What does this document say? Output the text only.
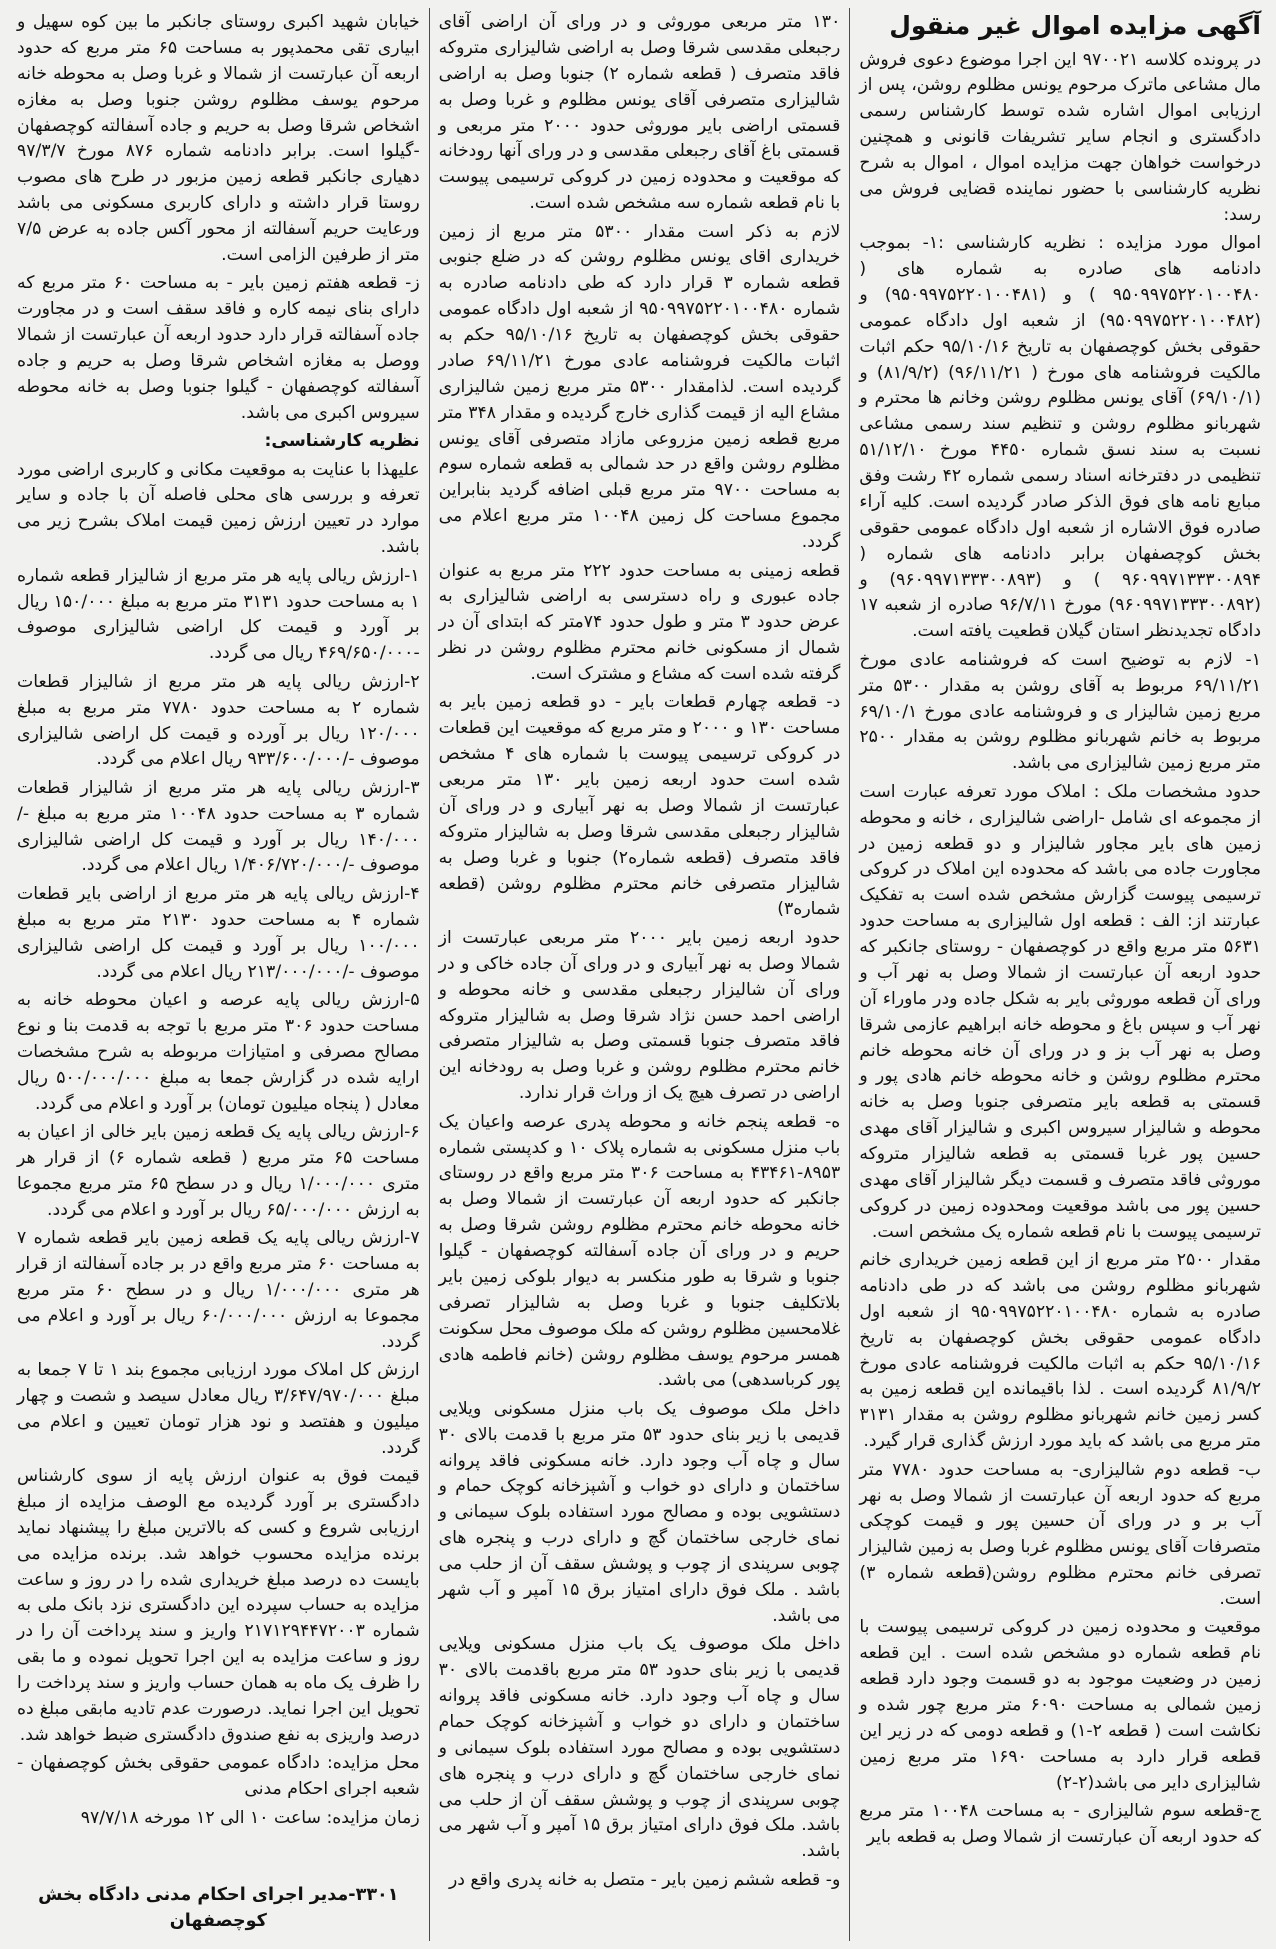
آگهی مزایده اموال غیر منقول

در پرونده کلاسه ۹۷۰۰۲۱ این اجرا موضوع دعوی فروش مال مشاعی ماترک مرحوم یونس مظلوم روشن، پس از ارزیابی اموال اشاره شده توسط کارشناس رسمی دادگستری و انجام سایر تشریفات قانونی و همچنین درخواست خواهان جهت مزایده اموال ، اموال به شرح نظریه کارشناسی با حضور نماینده قضایی فروش می رسد:

اموال مورد مزایده : نظریه کارشناسی :۱- بموجب دادنامه های صادره به شماره های ( ۹۵۰۹۹۷۵۲۲۰۱۰۰۴۸۰ ) و (۹۵۰۹۹۷۵۲۲۰۱۰۰۴۸۱) و (۹۵۰۹۹۷۵۲۲۰۱۰۰۴۸۲) از شعبه اول دادگاه عمومی حقوقی بخش کوچصفهان به تاریخ ۹۵/۱۰/۱۶ حکم اثبات مالکیت فروشنامه های مورخ ( ۹۶/۱۱/۲۱) (۸۱/۹/۲) و (۶۹/۱۰/۱) آقای یونس مظلوم روشن وخانم ها محترم و شهربانو مظلوم روشن و تنظیم سند رسمی مشاعی نسبت به سند نسق شماره ۴۴۵۰ مورخ ۵۱/۱۲/۱۰ تنظیمی در دفترخانه اسناد رسمی شماره ۴۲ رشت وفق مبایع نامه های فوق الذکر صادر گردیده است. کلیه آراء صادره فوق الاشاره از شعبه اول دادگاه عمومی حقوقی بخش کوچصفهان برابر دادنامه های شماره ( ۹۶۰۹۹۷۱۳۳۳۰۰۸۹۴ ) و (۹۶۰۹۹۷۱۳۳۳۰۰۸۹۳) و (۹۶۰۹۹۷۱۳۳۳۰۰۸۹۲) مورخ ۹۶/۷/۱۱ صادره از شعبه ۱۷ دادگاه تجدیدنظر استان گیلان قطعیت یافته است.

۱- لازم به توضیح است که فروشنامه عادی مورخ ۶۹/۱۱/۲۱ مربوط به آقای روشن به مقدار ۵۳۰۰ متر مربع زمین شالیزار ی و فروشنامه عادی مورخ ۶۹/۱۰/۱ مربوط به خانم شهربانو مظلوم روشن به مقدار ۲۵۰۰ متر مربع زمین شالیزاری می باشد.

حدود مشخصات ملک : املاک مورد تعرفه عبارت است از مجموعه ای شامل -اراضی شالیزاری ، خانه و محوطه زمین های بایر مجاور شالیزار و دو قطعه زمین در مجاورت جاده می باشد که محدوده این املاک در کروکی ترسیمی پیوست گزارش مشخص شده است به تفکیک عبارتند از: الف : قطعه اول شالیزاری به مساحت حدود ۵۶۳۱ متر مربع واقع در کوچصفهان - روستای جانکبر که حدود اربعه آن عبارتست از شمالا وصل به نهر آب و ورای آن قطعه موروثی بایر به شکل جاده ودر ماوراء آن نهر آب و سپس باغ و محوطه خانه ابراهیم عازمی شرقا وصل به نهر آب بز و در ورای آن خانه محوطه خانم محترم مظلوم روشن و خانه محوطه خانم هادی پور و قسمتی به قطعه بایر متصرفی جنوبا وصل به خانه محوطه و شالیزار سیروس اکبری و شالیزار آقای مهدی حسین پور غربا قسمتی به قطعه شالیزار متروکه موروثی فاقد متصرف و قسمت دیگر شالیزار آقای مهدی حسین پور می باشد موقعیت ومحدوده زمین در کروکی ترسیمی پیوست با نام قطعه شماره یک مشخص است.

مقدار ۲۵۰۰ متر مربع از این قطعه زمین خریداری خانم شهربانو مظلوم روشن می باشد که در طی دادنامه صادره به شماره ۹۵۰۹۹۷۵۲۲۰۱۰۰۴۸۰ از شعبه اول دادگاه عمومی حقوقی بخش کوچصفهان به تاریخ ۹۵/۱۰/۱۶ حکم به اثبات مالکیت فروشنامه عادی مورخ ۸۱/۹/۲ گردیده است . لذا باقیمانده این قطعه زمین به کسر زمین خانم شهربانو مظلوم روشن به مقدار ۳۱۳۱ متر مربع می باشد که باید مورد ارزش گذاری قرار گیرد.

ب- قطعه دوم شالیزاری- به مساحت حدود ۷۷۸۰ متر مربع که حدود اربعه آن عبارتست از شمالا وصل به نهر آب بر و در ورای آن حسین پور و قیمت کوچکی متصرفات آقای یونس مظلوم غربا وصل به زمین شالیزار تصرفی خانم محترم مظلوم روشن(قطعه شماره ۳) است.

موقعیت و محدوده زمین در کروکی ترسیمی پیوست با نام قطعه شماره دو مشخص شده است . این قطعه زمین در وضعیت موجود به دو قسمت وجود دارد قطعه زمین شمالی به مساحت ۶۰۹۰ متر مربع چور شده و نکاشت است ( قطعه ۲-۱) و قطعه دومی که در زیر این قطعه قرار دارد به مساحت ۱۶۹۰ متر مربع زمین شالیزاری دایر می باشد(۲-۲)

ج-قطعه سوم شالیزاری - به مساحت ۱۰۰۴۸ متر مربع که حدود اربعه آن عبارتست از شمالا وصل به قطعه بایر

۱۳۰ متر مربعی موروثی و در ورای آن اراضی آقای رجبعلی مقدسی شرقا وصل به اراضی شالیزاری متروکه فاقد متصرف ( قطعه شماره ۲) جنوبا وصل به اراضی شالیزاری متصرفی آقای یونس مظلوم و غربا وصل به قسمتی اراضی بایر موروثی حدود ۲۰۰۰ متر مربعی و قسمتی باغ آقای رجبعلی مقدسی و در ورای آنها رودخانه که موقعیت و محدوده زمین در کروکی ترسیمی پیوست با نام قطعه شماره سه مشخص شده است.

لازم به ذکر است مقدار ۵۳۰۰ متر مربع از زمین خریداری اقای یونس مظلوم روشن که در ضلع جنوبی قطعه شماره ۳ قرار دارد که طی دادنامه صادره به شماره ۹۵۰۹۹۷۵۲۲۰۱۰۰۴۸۰ از شعبه اول دادگاه عمومی حقوقی بخش کوچصفهان به تاریخ ۹۵/۱۰/۱۶ حکم به اثبات مالکیت فروشنامه عادی مورخ ۶۹/۱۱/۲۱ صادر گردیده است. لذامقدار ۵۳۰۰ متر مربع زمین شالیزاری مشاع الیه از قیمت گذاری خارج گردیده و مقدار ۳۴۸ متر مربع قطعه زمین مزروعی مازاد متصرفی آقای یونس مظلوم روشن واقع در حد شمالی به قطعه شماره سوم به مساحت ۹۷۰۰ متر مربع قبلی اضافه گردید بنابراین مجموع مساحت کل زمین ۱۰۰۴۸ متر مربع اعلام می گردد.

قطعه زمینی به مساحت حدود ۲۲۲ متر مربع به عنوان جاده عبوری و راه دسترسی به اراضی شالیزاری به عرض حدود ۳ متر و طول حدود ۷۴متر که ابتدای آن در شمال از مسکونی خانم محترم مظلوم روشن در نظر گرفته شده است که مشاع و مشترک است.

د- قطعه چهارم قطعات بایر - دو قطعه زمین بایر به مساحت ۱۳۰ و ۲۰۰۰ و متر مربع که موقعیت این قطعات در کروکی ترسیمی پیوست با شماره های ۴ مشخص شده است حدود اربعه زمین بایر ۱۳۰ متر مربعی عبارتست از شمالا وصل به نهر آبیاری و در ورای آن شالیزار رجبعلی مقدسی شرقا وصل به شالیزار متروکه فاقد متصرف (قطعه شماره۲) جنوبا و غربا وصل به شالیزار متصرفی خانم محترم مظلوم روشن (قطعه شماره۳)

حدود اربعه زمین بایر ۲۰۰۰ متر مربعی عبارتست از شمالا وصل به نهر آبیاری و در ورای آن جاده خاکی و در ورای آن شالیزار رجبعلی مقدسی و خانه محوطه و اراضی احمد حسن نژاد شرقا وصل به شالیزار متروکه فاقد متصرف جنوبا قسمتی وصل به شالیزار متصرفی خانم محترم مظلوم روشن و غربا وصل به رودخانه این اراضی در تصرف هیچ یک از وراث قرار ندارد.

ه- قطعه پنجم خانه و محوطه پدری عرصه واعیان یک باب منزل مسکونی به شماره پلاک ۱۰ و کدپستی شماره ۸۹۵۳-۴۳۴۶۱ به مساحت ۳۰۶ متر مربع واقع در روستای جانکبر که حدود اربعه آن عبارتست از شمالا وصل به خانه محوطه خانم محترم مظلوم روشن شرقا وصل به حریم و در ورای آن جاده آسفالته کوچصفهان - گیلوا جنوبا و شرقا به طور منکسر به دیوار بلوکی زمین بایر بلاتکلیف جنوبا و غربا وصل به شالیزار تصرفی غلامحسین مظلوم روشن که ملک موصوف محل سکونت همسر مرحوم یوسف مظلوم روشن (خانم فاطمه هادی پور کرباسدهی) می باشد.

داخل ملک موصوف یک باب منزل مسکونی ویلایی قدیمی با زیر بنای حدود ۵۳ متر مربع با قدمت بالای ۳۰ سال و چاه آب وجود دارد. خانه مسکونی فاقد پروانه ساختمان و دارای دو خواب و آشپزخانه کوچک حمام و دستشویی بوده و مصالح مورد استفاده بلوک سیمانی و نمای خارجی ساختمان گچ و دارای درب و پنجره های چوبی سرپندی از چوب و پوشش سقف آن از حلب می باشد . ملک فوق دارای امتیاز برق ۱۵ آمپر و آب شهر می باشد.

داخل ملک موصوف یک باب منزل مسکونی ویلایی قدیمی با زیر بنای حدود ۵۳ متر مربع باقدمت بالای ۳۰ سال و چاه آب وجود دارد. خانه مسکونی فاقد پروانه ساختمان و دارای دو خواب و آشپزخانه کوچک حمام دستشویی بوده و مصالح مورد استفاده بلوک سیمانی و نمای خارجی ساختمان گچ و دارای درب و پنجره های چوبی سرپندی از چوب و پوشش سقف آن از حلب می باشد. ملک فوق دارای امتیاز برق ۱۵ آمپر و آب شهر می باشد.

و- قطعه ششم زمین بایر - متصل به خانه پدری واقع در

خیابان شهید اکبری روستای جانکبر ما بین کوه سهیل و ابیاری تقی محمدپور به مساحت ۶۵ متر مربع که حدود اربعه آن عبارتست از شمالا و غربا وصل به محوطه خانه مرحوم یوسف مظلوم روشن جنوبا وصل به مغازه اشخاص شرقا وصل به حریم و جاده آسفالته کوچصفهان -گیلوا است. برابر دادنامه شماره ۸۷۶ مورخ ۹۷/۳/۷ دهیاری جانکبر قطعه زمین مزبور در طرح های مصوب روستا قرار داشته و دارای کاربری مسکونی می باشد ورعایت حریم آسفالته از محور آکس جاده به عرض ۷/۵ متر از طرفین الزامی است.

ز- قطعه هفتم زمین بایر - به مساحت ۶۰ متر مربع که دارای بنای نیمه کاره و فاقد سقف است و در مجاورت جاده آسفالته قرار دارد حدود اربعه آن عبارتست از شمالا ووصل به مغازه اشخاص شرقا وصل به حریم و جاده آسفالته کوچصفهان - گیلوا جنوبا وصل به خانه محوطه سیروس اکبری می باشد.

نظریه کارشناسی:

علیهذا با عنایت به موقعیت مکانی و کاربری اراضی مورد تعرفه و بررسی های محلی فاصله آن با جاده و سایر موارد در تعیین ارزش زمین قیمت املاک بشرح زیر می باشد.

۱-ارزش ریالی پایه هر متر مربع از شالیزار قطعه شماره ۱ به مساحت حدود ۳۱۳۱ متر مربع به مبلغ ۱۵۰/۰۰۰ ریال بر آورد و قیمت کل اراضی شالیزاری موصوف -۴۶۹/۶۵۰/۰۰۰ ریال می گردد.

۲-ارزش ریالی پایه هر متر مربع از شالیزار قطعات شماره ۲ به مساحت حدود ۷۷۸۰ متر مربع به مبلغ ۱۲۰/۰۰۰ ریال بر آورده و قیمت کل اراضی شالیزاری موصوف -/۹۳۳/۶۰۰/۰۰۰ ریال اعلام می گردد.

۳-ارزش ریالی پایه هر متر مربع از شالیزار قطعات شماره ۳ به مساحت حدود ۱۰۰۴۸ متر مربع به مبلغ -/۱۴۰/۰۰۰ ریال بر آورد و قیمت کل اراضی شالیزاری موصوف -/۱/۴۰۶/۷۲۰/۰۰۰ ریال اعلام می گردد.

۴-ارزش ریالی پایه هر متر مربع از اراضی بایر قطعات شماره ۴ به مساحت حدود ۲۱۳۰ متر مربع به مبلغ ۱۰۰/۰۰۰ ریال بر آورد و قیمت کل اراضی شالیزاری موصوف -/۲۱۳/۰۰۰/۰۰۰ ریال اعلام می گردد.

۵-ارزش ریالی پایه عرصه و اعیان محوطه خانه به مساحت حدود ۳۰۶ متر مربع با توجه به قدمت بنا و نوع مصالح مصرفی و امتیازات مربوطه به شرح مشخصات ارایه شده در گزارش جمعا به مبلغ ۵۰۰/۰۰۰/۰۰۰ ریال معادل ( پنجاه میلیون تومان) بر آورد و اعلام می گردد.

۶-ارزش ریالی پایه یک قطعه زمین بایر خالی از اعیان به مساحت ۶۵ متر مربع ( قطعه شماره ۶) از قرار هر متری ۱/۰۰۰/۰۰۰ ریال و در سطح ۶۵ متر مربع مجموعا به ارزش ۶۵/۰۰۰/۰۰۰ ریال بر آورد و اعلام می گردد.

۷-ارزش ریالی پایه یک قطعه زمین بایر قطعه شماره ۷ به مساحت ۶۰ متر مربع واقع در بر جاده آسفالته از قرار هر متری ۱/۰۰۰/۰۰۰ ریال و در سطح ۶۰ متر مربع مجموعا به ارزش ۶۰/۰۰۰/۰۰۰ ریال بر آورد و اعلام می گردد.

ارزش کل املاک مورد ارزیابی مجموع بند ۱ تا ۷ جمعا به مبلغ ۳/۶۴۷/۹۷۰/۰۰۰ ریال معادل سیصد و شصت و چهار میلیون و هفتصد و نود هزار تومان تعیین و اعلام می گردد.

قیمت فوق به عنوان ارزش پایه از سوی کارشناس دادگستری بر آورد گردیده مع الوصف مزایده از مبلغ ارزیابی شروع و کسی که بالاترین مبلغ را پیشنهاد نماید برنده مزایده محسوب خواهد شد. برنده مزایده می بایست ده درصد مبلغ خریداری شده را در روز و ساعت مزایده به حساب سپرده این دادگستری نزد بانک ملی به شماره ۲۱۷۱۲۹۴۴۷۲۰۰۳ واریز و سند پرداخت آن را در روز و ساعت مزایده به این اجرا تحویل نموده و ما بقی را ظرف یک ماه به همان حساب واریز و سند پرداخت را تحویل این اجرا نماید. درصورت عدم تادیه مابقی مبلغ ده درصد واریزی به نفع صندوق دادگستری ضبط خواهد شد.

محل مزایده: دادگاه عمومی حقوقی بخش کوچصفهان - شعبه اجرای احکام مدنی

زمان مزایده: ساعت ۱۰ الی ۱۲ مورخه ۹۷/۷/۱۸

۳۳۰۱-مدیر اجرای احکام مدنی دادگاه بخش کوچصفهان
